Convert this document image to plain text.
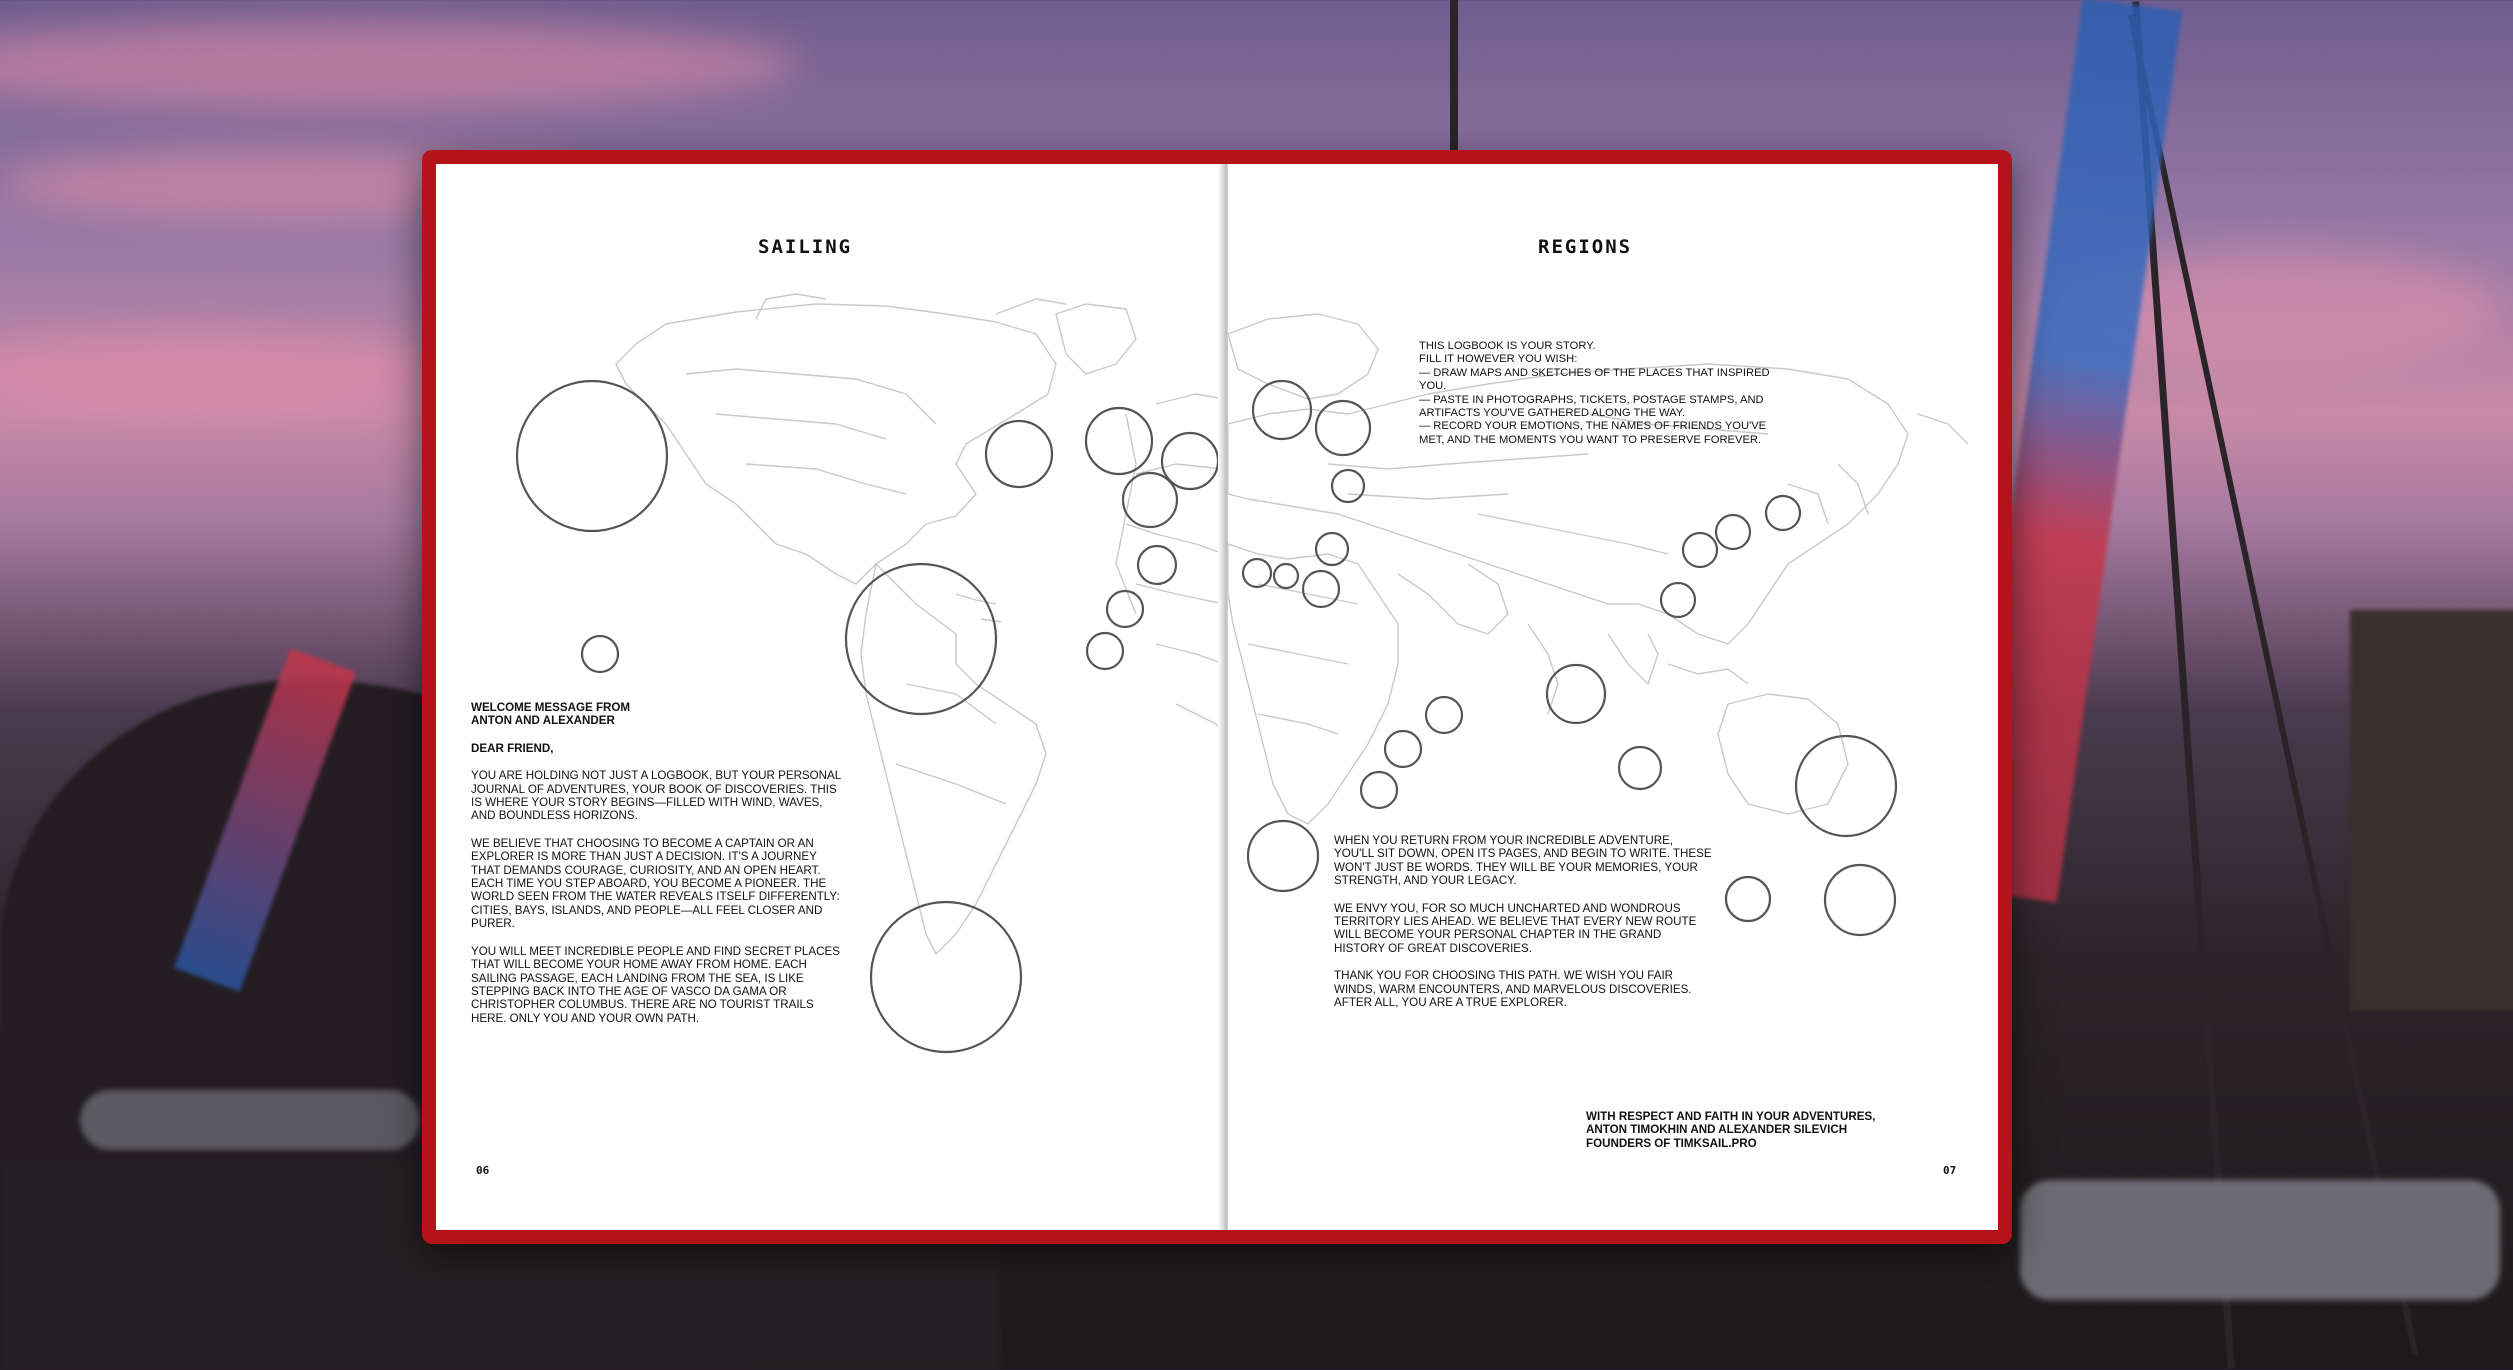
SAILING

WELCOME MESSAGE FROM
ANTON AND ALEXANDER

DEAR FRIEND,

YOU ARE HOLDING NOT JUST A LOGBOOK, BUT YOUR PERSONAL JOURNAL OF ADVENTURES, YOUR BOOK OF DISCOVERIES. THIS IS WHERE YOUR STORY BEGINS—FILLED WITH WIND, WAVES, AND BOUNDLESS HORIZONS.

WE BELIEVE THAT CHOOSING TO BECOME A CAPTAIN OR AN EXPLORER IS MORE THAN JUST A DECISION. IT'S A JOURNEY THAT DEMANDS COURAGE, CURIOSITY, AND AN OPEN HEART. EACH TIME YOU STEP ABOARD, YOU BECOME A PIONEER. THE WORLD SEEN FROM THE WATER REVEALS ITSELF DIFFERENTLY: CITIES, BAYS, ISLANDS, AND PEOPLE—ALL FEEL CLOSER AND PURER.

YOU WILL MEET INCREDIBLE PEOPLE AND FIND SECRET PLACES THAT WILL BECOME YOUR HOME AWAY FROM HOME. EACH SAILING PASSAGE, EACH LANDING FROM THE SEA, IS LIKE STEPPING BACK INTO THE AGE OF VASCO DA GAMA OR CHRISTOPHER COLUMBUS. THERE ARE NO TOURIST TRAILS HERE. ONLY YOU AND YOUR OWN PATH.

06
REGIONS
THIS LOGBOOK IS YOUR STORY.
FILL IT HOWEVER YOU WISH:
— DRAW MAPS AND SKETCHES OF THE PLACES THAT INSPIRED YOU.
— PASTE IN PHOTOGRAPHS, TICKETS, POSTAGE STAMPS, AND ARTIFACTS YOU'VE GATHERED ALONG THE WAY.
— RECORD YOUR EMOTIONS, THE NAMES OF FRIENDS YOU'VE MET, AND THE MOMENTS YOU WANT TO PRESERVE FOREVER.

WHEN YOU RETURN FROM YOUR INCREDIBLE ADVENTURE, YOU'LL SIT DOWN, OPEN ITS PAGES, AND BEGIN TO WRITE. THESE WON'T JUST BE WORDS. THEY WILL BE YOUR MEMORIES, YOUR STRENGTH, AND YOUR LEGACY.

WE ENVY YOU, FOR SO MUCH UNCHARTED AND WONDROUS TERRITORY LIES AHEAD. WE BELIEVE THAT EVERY NEW ROUTE WILL BECOME YOUR PERSONAL CHAPTER IN THE GRAND HISTORY OF GREAT DISCOVERIES.

THANK YOU FOR CHOOSING THIS PATH. WE WISH YOU FAIR WINDS, WARM ENCOUNTERS, AND MARVELOUS DISCOVERIES. AFTER ALL, YOU ARE A TRUE EXPLORER.

WITH RESPECT AND FAITH IN YOUR ADVENTURES,
ANTON TIMOKHIN AND ALEXANDER SILEVICH
FOUNDERS OF TIMKSAIL.PRO
07
